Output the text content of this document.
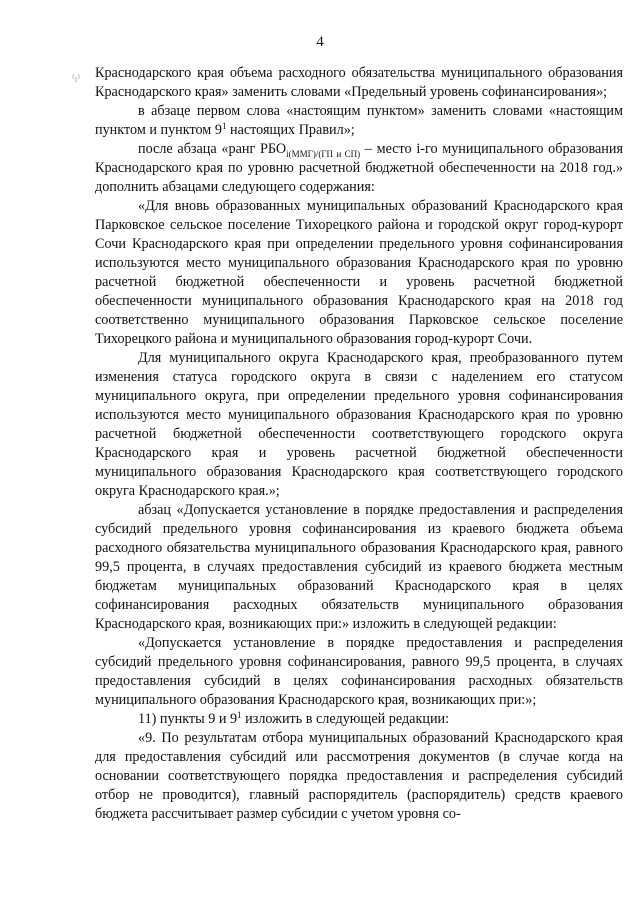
4
⁽ₗ⁾ Краснодарского края объема расходного обязательства муниципального образования Краснодарского края» заменить словами «Предельный уровень софинансирования»;

в абзаце первом слова «настоящим пунктом» заменить словами «настоящим пунктом и пунктом $9^1$ настоящих Правил»;

после абзаца «ранг $РБО_{i(ММГ)/(ГП и СП)}$ – место i-го муниципального образования Краснодарского края по уровню расчетной бюджетной обеспеченности на 2018 год.» дополнить абзацами следующего содержания:

«Для вновь образованных муниципальных образований Краснодарского края Парковское сельское поселение Тихорецкого района и городской округ город-курорт Сочи Краснодарского края при определении предельного уровня софинансирования используются место муниципального образования Краснодарского края по уровню расчетной бюджетной обеспеченности и уровень расчетной бюджетной обеспеченности муниципального образования Краснодарского края на 2018 год соответственно муниципального образования Парковское сельское поселение Тихорецкого района и муниципального образования город-курорт Сочи.

Для муниципального округа Краснодарского края, преобразованного путем изменения статуса городского округа в связи с наделением его статусом муниципального округа, при определении предельного уровня софинансирования используются место муниципального образования Краснодарского края по уровню расчетной бюджетной обеспеченности соответствующего городского округа Краснодарского края и уровень расчетной бюджетной обеспеченности муниципального образования Краснодарского края соответствующего городского округа Краснодарского края.»;

абзац «Допускается установление в порядке предоставления и распределения субсидий предельного уровня софинансирования из краевого бюджета объема расходного обязательства муниципального образования Краснодарского края, равного 99,5 процента, в случаях предоставления субсидий из краевого бюджета местным бюджетам муниципальных образований Краснодарского края в целях софинансирования расходных обязательств муниципального образования Краснодарского края, возникающих при:» изложить в следующей редакции:

«Допускается установление в порядке предоставления и распределения субсидий предельного уровня софинансирования, равного 99,5 процента, в случаях предоставления субсидий в целях софинансирования расходных обязательств муниципального образования Краснодарского края, возникающих при:»;

11) пункты 9 и $9^1$ изложить в следующей редакции:

«9. По результатам отбора муниципальных образований Краснодарского края для предоставления субсидий или рассмотрения документов (в случае когда на основании соответствующего порядка предоставления и распределения субсидий отбор не проводится), главный распорядитель (распорядитель) средств краевого бюджета рассчитывает размер субсидии с учетом уровня со-
